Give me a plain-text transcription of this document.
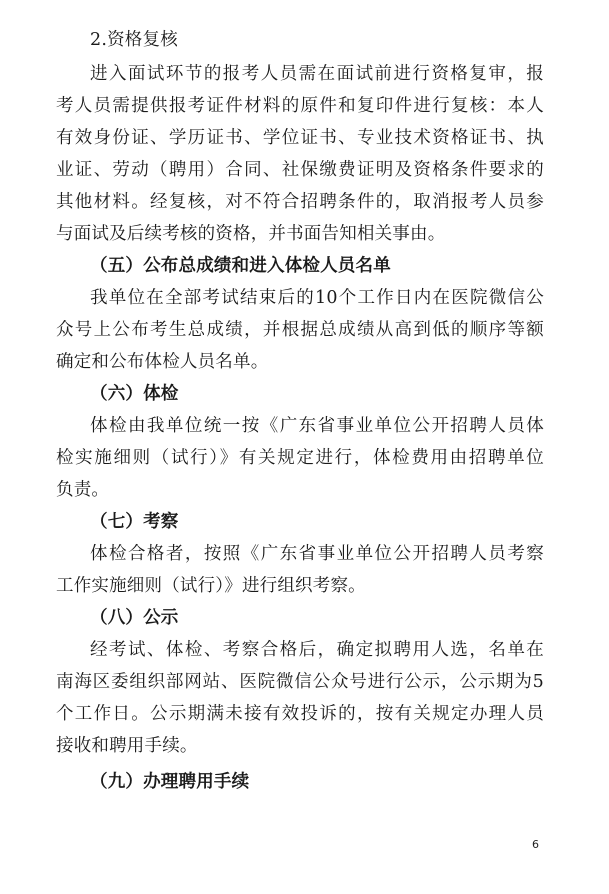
2.资格复核
进入面试环节的报考人员需在面试前进行资格复审，报
考人员需提供报考证件材料的原件和复印件进行复核：本人
有效身份证、学历证书、学位证书、专业技术资格证书、执
业证、劳动（聘用）合同、社保缴费证明及资格条件要求的
其他材料。经复核，对不符合招聘条件的，取消报考人员参
与面试及后续考核的资格，并书面告知相关事由。
（五）公布总成绩和进入体检人员名单
我单位在全部考试结束后的10个工作日内在医院微信公
众号上公布考生总成绩，并根据总成绩从高到低的顺序等额
确定和公布体检人员名单。
（六）体检
体检由我单位统一按《广东省事业单位公开招聘人员体
检实施细则（试行）》有关规定进行，体检费用由招聘单位
负责。
（七）考察
体检合格者，按照《广东省事业单位公开招聘人员考察
工作实施细则（试行）》进行组织考察。
（八）公示
经考试、体检、考察合格后，确定拟聘用人选，名单在
南海区委组织部网站、医院微信公众号进行公示，公示期为5
个工作日。公示期满未接有效投诉的，按有关规定办理人员
接收和聘用手续。
（九）办理聘用手续
6
